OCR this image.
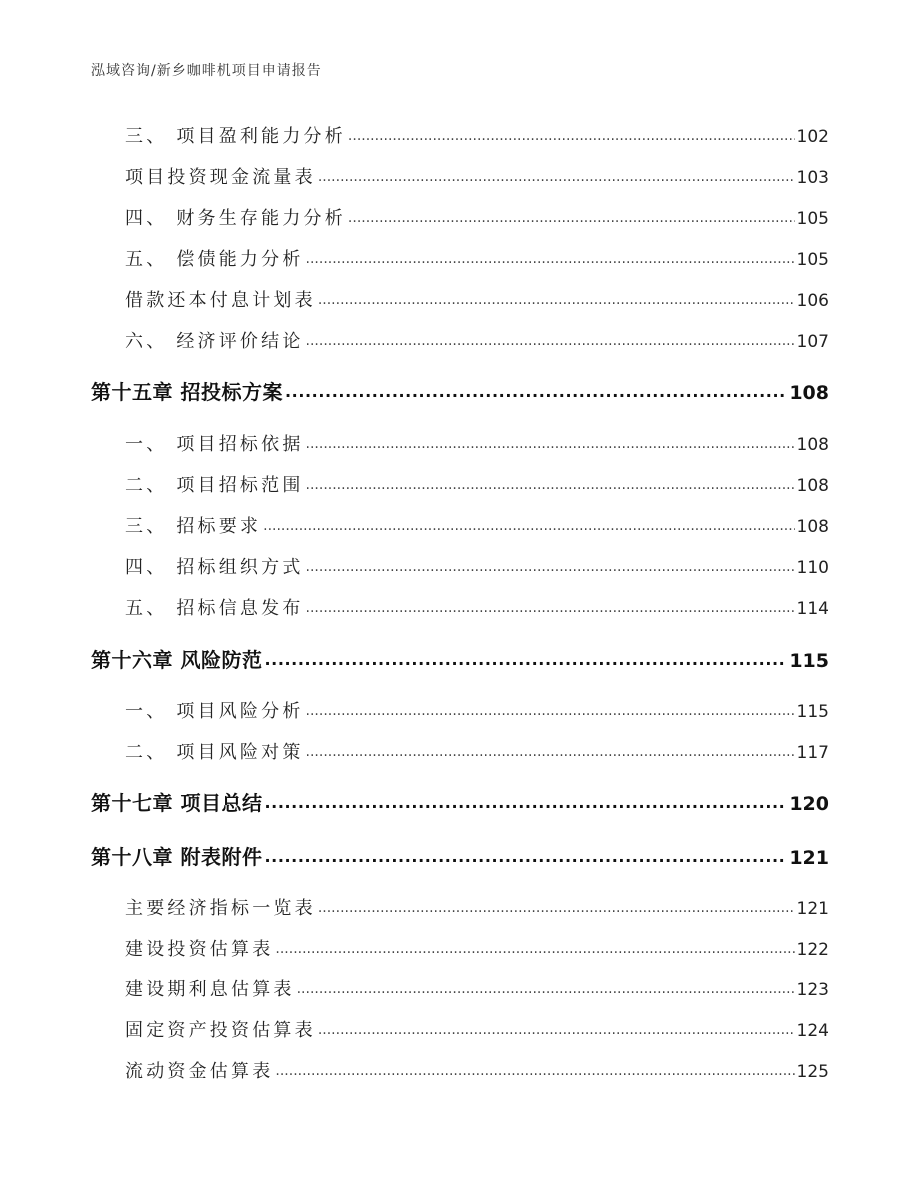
泓域咨询/新乡咖啡机项目申请报告
三、 项目盈利能力分析 .....	102
项目投资现金流量表 .....	103
四、 财务生存能力分析 .....	105
五、 偿债能力分析 .....	105
借款还本付息计划表 .....	106
六、 经济评价结论 .....	107
第十五章 招投标方案 .....	108
一、 项目招标依据 .....	108
二、 项目招标范围 .....	108
三、 招标要求 .....	108
四、 招标组织方式 .....	110
五、 招标信息发布 .....	114
第十六章 风险防范 .....	115
一、 项目风险分析 .....	115
二、 项目风险对策 .....	117
第十七章 项目总结 .....	120
第十八章 附表附件 .....	121
主要经济指标一览表 .....	121
建设投资估算表 .....	122
建设期利息估算表 .....	123
固定资产投资估算表 .....	124
流动资金估算表 .....	125
